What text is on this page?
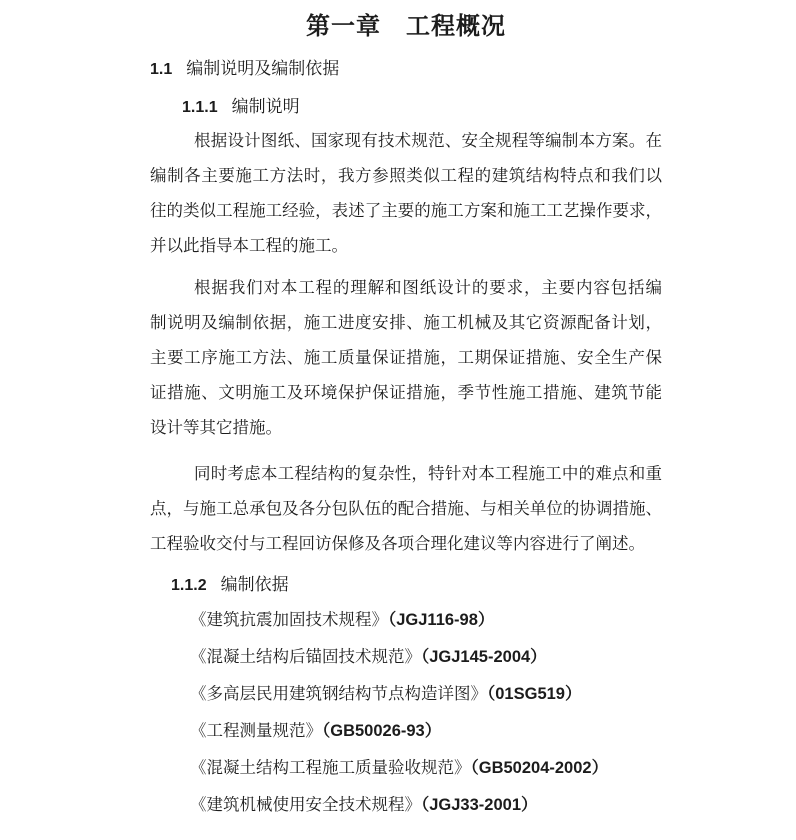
第一章　工程概况
1.1 编制说明及编制依据
1.1.1 编制说明
根据设计图纸、国家现有技术规范、安全规程等编制本方案。在
编制各主要施工方法时，我方参照类似工程的建筑结构特点和我们以
往的类似工程施工经验，表述了主要的施工方案和施工工艺操作要求，
并以此指导本工程的施工。
根据我们对本工程的理解和图纸设计的要求，主要内容包括编
制说明及编制依据，施工进度安排、施工机械及其它资源配备计划，
主要工序施工方法、施工质量保证措施，工期保证措施、安全生产保
证措施、文明施工及环境保护保证措施，季节性施工措施、建筑节能
设计等其它措施。
同时考虑本工程结构的复杂性，特针对本工程施工中的难点和重
点，与施工总承包及各分包队伍的配合措施、与相关单位的协调措施、
工程验收交付与工程回访保修及各项合理化建议等内容进行了阐述。
1.1.2 编制依据
《建筑抗震加固技术规程》（JGJ116-98）
《混凝土结构后锚固技术规范》（JGJ145-2004）
《多高层民用建筑钢结构节点构造详图》（01SG519）
《工程测量规范》（GB50026-93）
《混凝土结构工程施工质量验收规范》（GB50204-2002）
《建筑机械使用安全技术规程》（JGJ33-2001）
